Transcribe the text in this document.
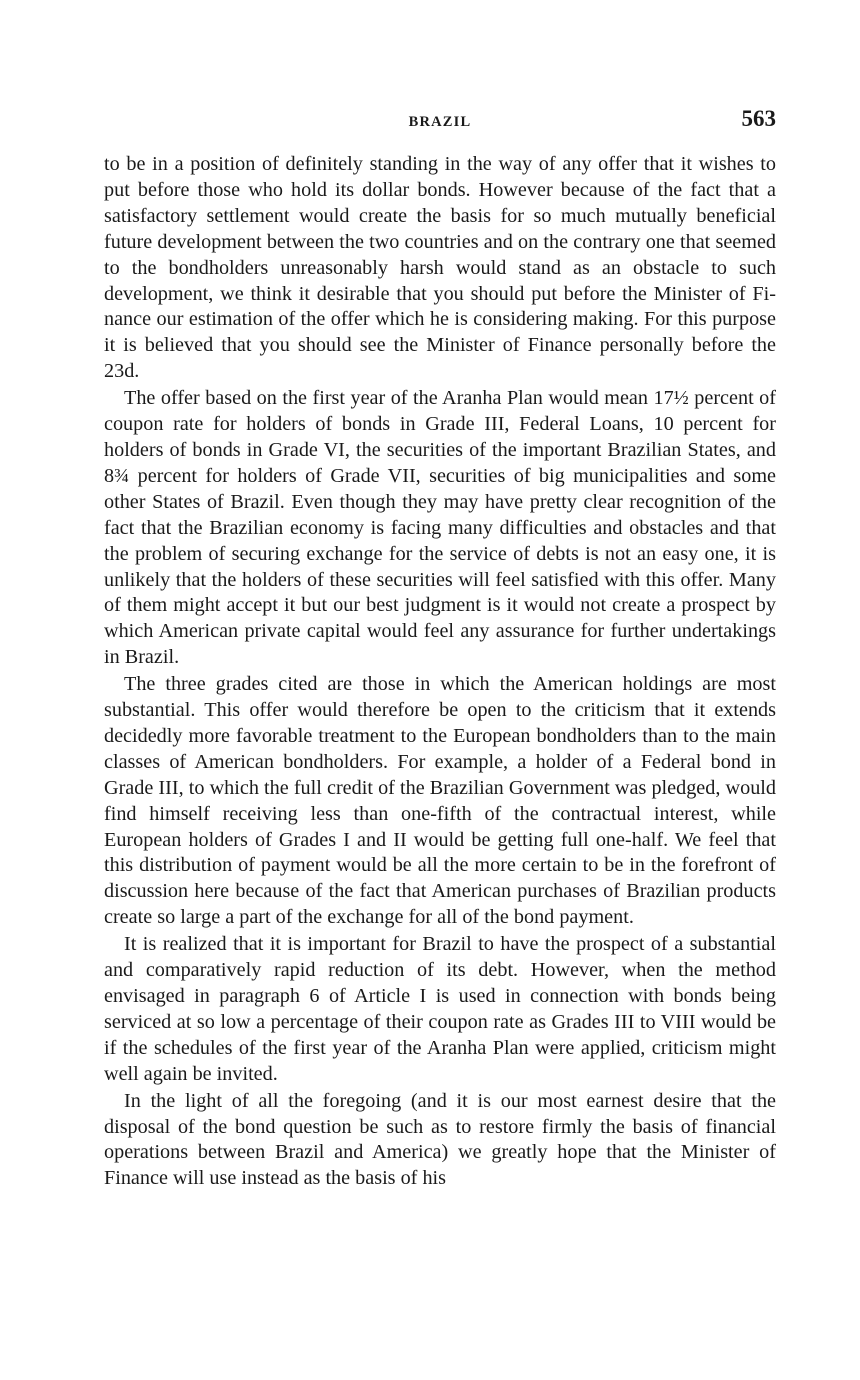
BRAZIL	563

to be in a position of definitely standing in the way of any offer that it wishes to put before those who hold its dollar bonds. However because of the fact that a satisfactory settlement would create the basis for so much mutually beneficial future development between the two countries and on the contrary one that seemed to the bondholders unreasonably harsh would stand as an obstacle to such development, we think it desirable that you should put before the Minister of Finance our estimation of the offer which he is considering making. For this purpose it is believed that you should see the Minister of Finance personally before the 23d.

The offer based on the first year of the Aranha Plan would mean 17½ percent of coupon rate for holders of bonds in Grade III, Federal Loans, 10 percent for holders of bonds in Grade VI, the securities of the important Brazilian States, and 8¾ percent for holders of Grade VII, securities of big municipalities and some other States of Brazil. Even though they may have pretty clear recognition of the fact that the Brazilian economy is facing many difficulties and obstacles and that the problem of securing exchange for the service of debts is not an easy one, it is unlikely that the holders of these securities will feel satisfied with this offer. Many of them might accept it but our best judgment is it would not create a prospect by which American private capital would feel any assurance for further undertakings in Brazil.

The three grades cited are those in which the American holdings are most substantial. This offer would therefore be open to the criticism that it extends decidedly more favorable treatment to the European bondholders than to the main classes of American bondholders. For example, a holder of a Federal bond in Grade III, to which the full credit of the Brazilian Government was pledged, would find himself receiving less than one-fifth of the contractual interest, while European holders of Grades I and II would be getting full one-half. We feel that this distribution of payment would be all the more certain to be in the forefront of discussion here because of the fact that American purchases of Brazilian products create so large a part of the exchange for all of the bond payment.

It is realized that it is important for Brazil to have the prospect of a substantial and comparatively rapid reduction of its debt. However, when the method envisaged in paragraph 6 of Article I is used in connection with bonds being serviced at so low a percentage of their coupon rate as Grades III to VIII would be if the schedules of the first year of the Aranha Plan were applied, criticism might well again be invited.

In the light of all the foregoing (and it is our most earnest desire that the disposal of the bond question be such as to restore firmly the basis of financial operations between Brazil and America) we greatly hope that the Minister of Finance will use instead as the basis of his
